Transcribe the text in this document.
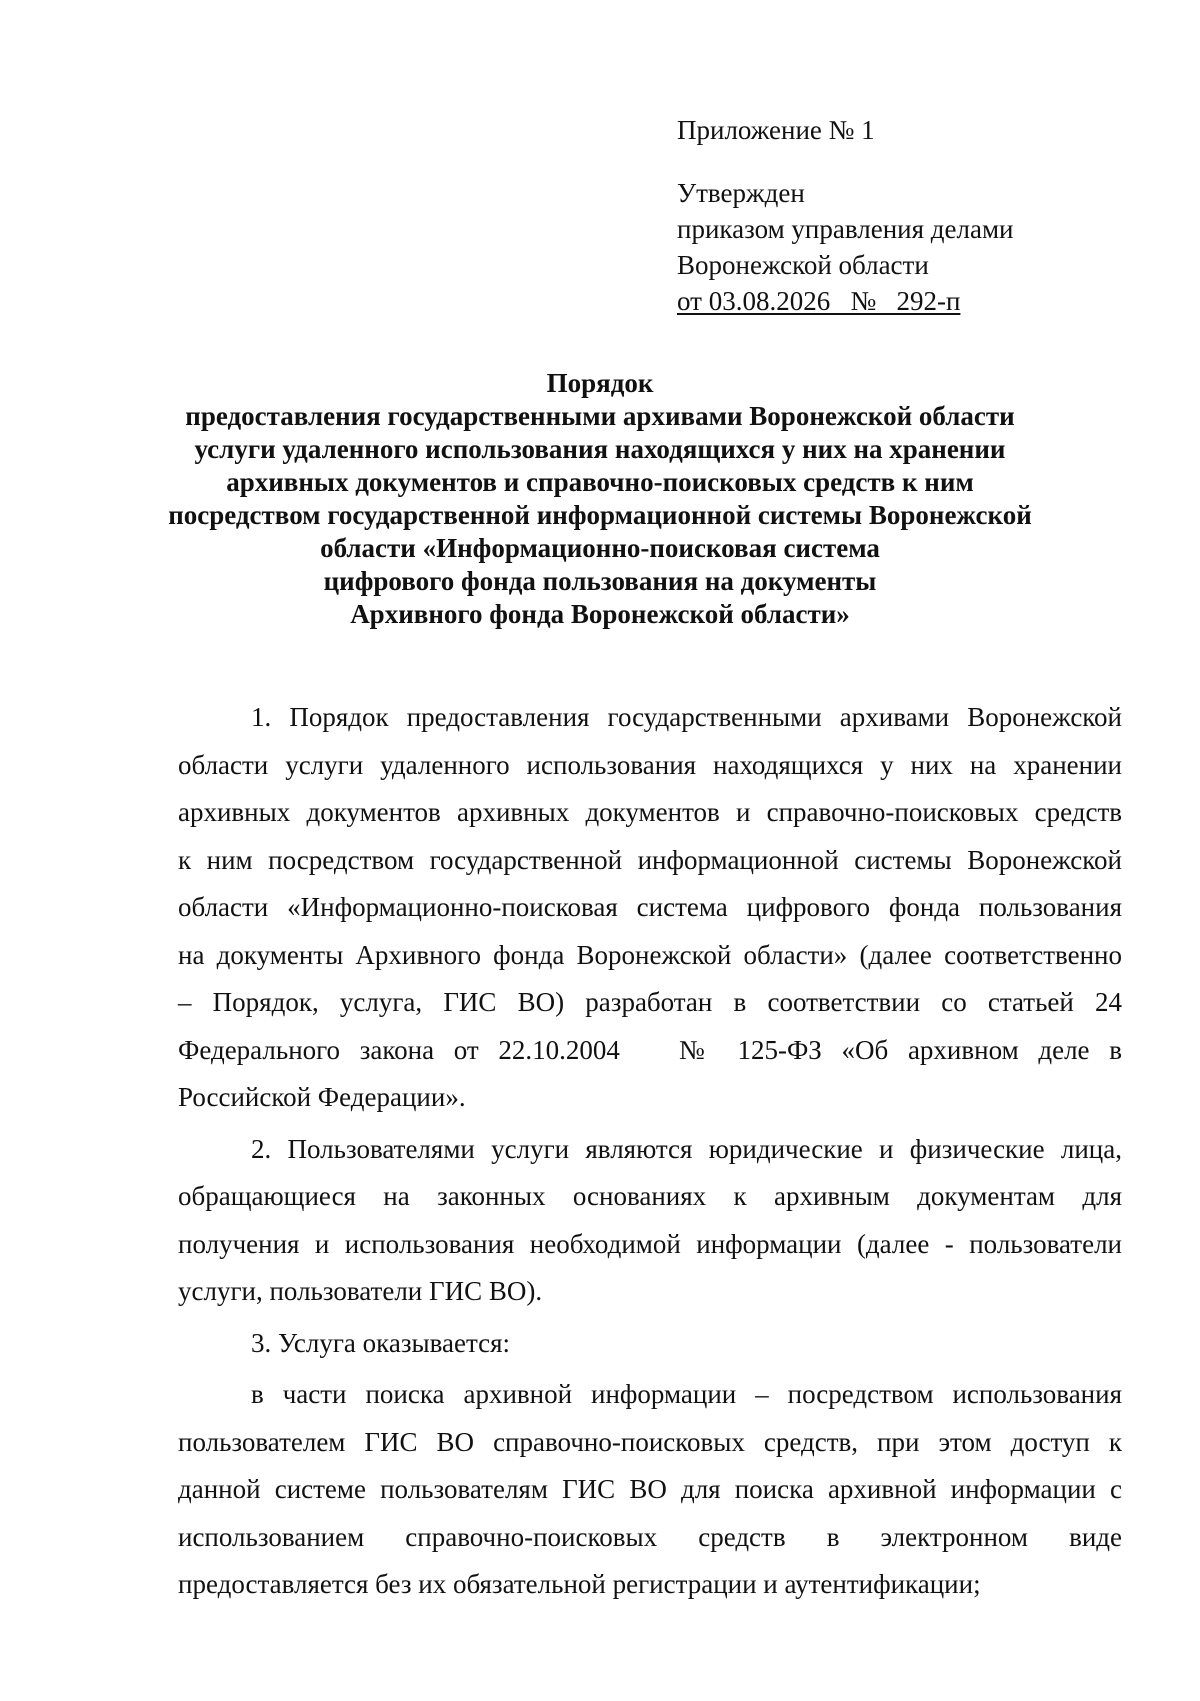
Приложение № 1
Утвержден
приказом управления делами
Воронежской области
от 03.08.2026   №   292-п
Порядок
предоставления государственными архивами Воронежской области
услуги удаленного использования находящихся у них на хранении
архивных документов и справочно-поисковых средств к ним
посредством государственной информационной системы Воронежской
области «Информационно-поисковая система
цифрового фонда пользования на документы
Архивного фонда Воронежской области»
1. Порядок предоставления государственными архивами Воронежской
области услуги удаленного использования находящихся у них на хранении
архивных документов архивных документов и справочно-поисковых средств
к ним посредством государственной информационной системы Воронежской
области «Информационно-поисковая система цифрового фонда пользования
на документы Архивного фонда Воронежской области» (далее соответственно
– Порядок, услуга, ГИС ВО) разработан в соответствии со статьей 24
Федерального закона от 22.10.2004   № 125-ФЗ «Об архивном деле в
Российской Федерации».
2. Пользователями услуги являются юридические и физические лица,
обращающиеся на законных основаниях к архивным документам для
получения и использования необходимой информации (далее - пользователи
услуги, пользователи ГИС ВО).
3. Услуга оказывается:
в части поиска архивной информации – посредством использования
пользователем ГИС ВО справочно-поисковых средств, при этом доступ к
данной системе пользователям ГИС ВО для поиска архивной информации с
использованием справочно-поисковых средств в электронном виде
предоставляется без их обязательной регистрации и аутентификации;
